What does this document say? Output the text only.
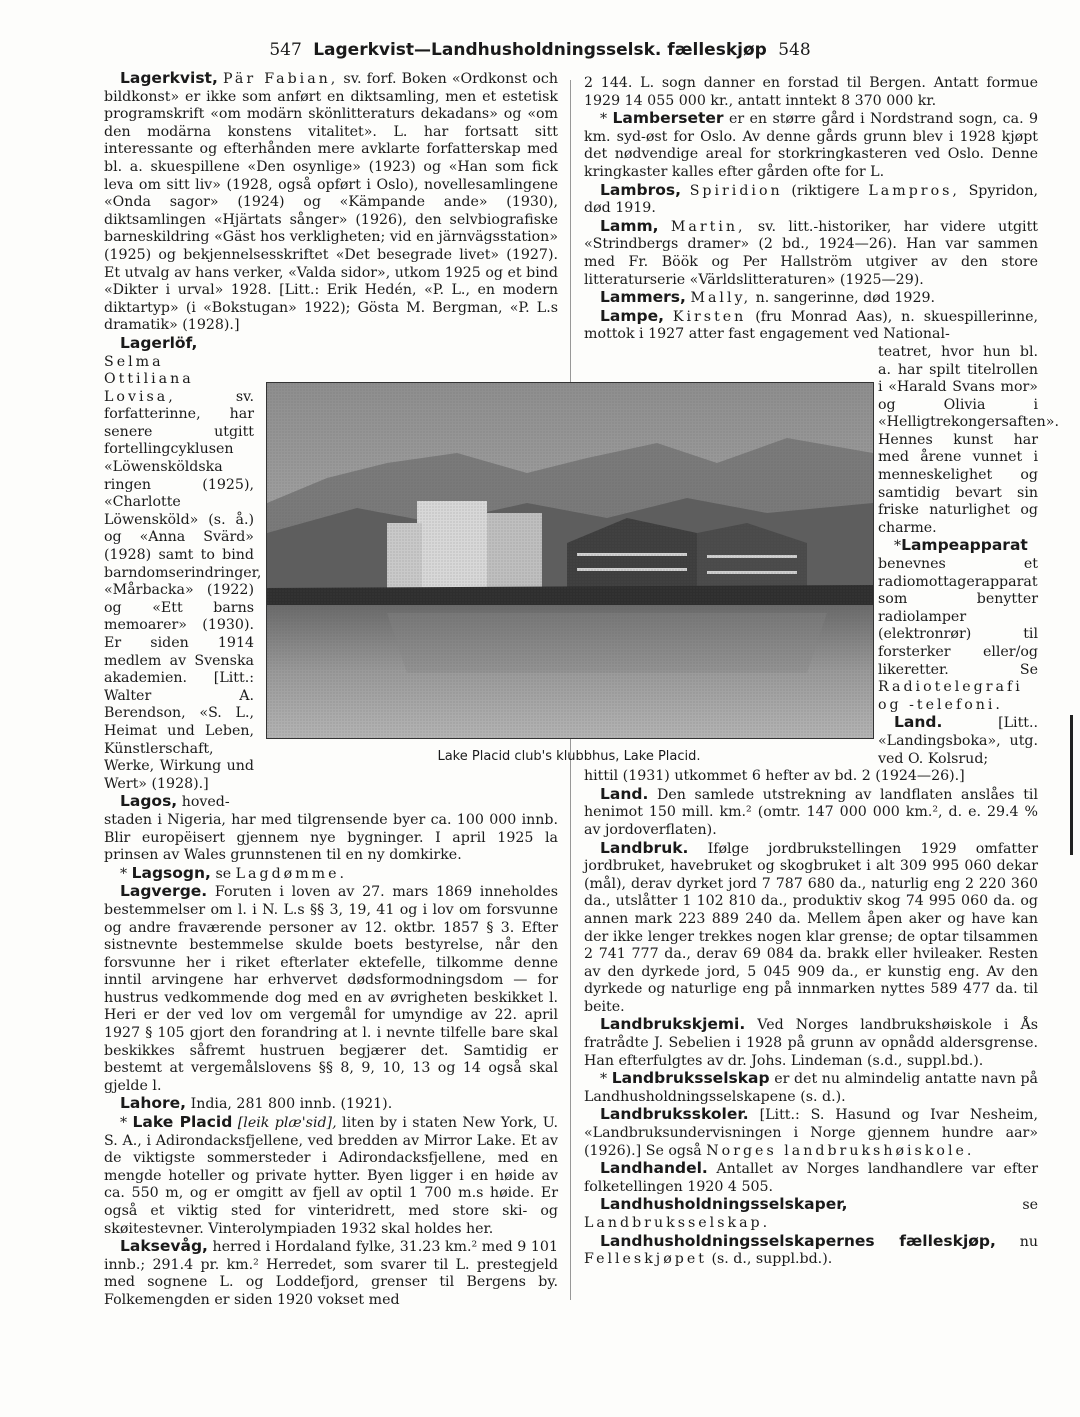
547 Lagerkvist—Landhusholdningsselsk. fælleskjøp 548

Lagerkvist, Pär Fabian, sv. forf. Boken «Ordkonst och bildkonst» er ikke som anført en diktsamling, men et estetisk programskrift «om modärn skönlitteraturs dekadans» og «om den modärna konstens vitalitet». L. har fortsatt sitt interessante og efterhånden mere avklarte forfatterskap med bl. a. skuespillene «Den osynlige» (1923) og «Han som fick leva om sitt liv» (1928, også opført i Oslo), novellesamlingene «Onda sagor» (1924) og «Kämpande ande» (1930), diktsamlingen «Hjärtats sånger» (1926), den selvbiografiske barneskildring «Gäst hos verkligheten; vid en järnvägsstation» (1925) og bekjennelsesskriftet «Det besegrade livet» (1927). Et utvalg av hans verker, «Valda sidor», utkom 1925 og et bind «Dikter i urval» 1928. [Litt.: Erik Hedén, «P. L., en modern diktartyp» (i «Bokstugan» 1922); Gösta M. Bergman, «P. L.s dramatik» (1928).]

Lagerlöf, Selma Ottiliana Lovisa, sv. forfatterinne, har senere utgitt fortellingcyklusen «Löwensköldska ringen (1925), «Charlotte Löwensköld» (s. å.) og «Anna Svärd» (1928) samt to bind barndomserindringer, «Mårbacka» (1922) og «Ett barns memoarer» (1930). Er siden 1914 medlem av Svenska akademien. [Litt.: Walter A. Berendson, «S. L., Heimat und Leben, Künstlerschaft, Werke, Wirkung und Wert» (1928).]

Lagos, hoved-

staden i Nigeria, har med tilgrensende byer ca. 100 000 innb. Blir europëisert gjennem nye bygninger. I april 1925 la prinsen av Wales grunnstenen til en ny domkirke.

* Lagsogn, se Lagdømme.

Lagverge. Foruten i loven av 27. mars 1869 inneholdes bestemmelser om l. i N. L.s §§ 3, 19, 41 og i lov om forsvunne og andre fraværende personer av 12. oktbr. 1857 § 3. Efter sistnevnte bestemmelse skulde boets bestyrelse, når den forsvunne her i riket efterlater ektefelle, tilkomme denne inntil arvingene har erhvervet dødsformodningsdom — for hustrus vedkommende dog med en av øvrigheten beskikket l. Heri er der ved lov om vergemål for umyndige av 22. april 1927 § 105 gjort den forandring at l. i nevnte tilfelle bare skal beskikkes såfremt hustruen begjærer det. Samtidig er bestemt at vergemålslovens §§ 8, 9, 10, 13 og 14 også skal gjelde l.

Lahore, India, 281 800 innb. (1921).

* Lake Placid [leik plæ'sid], liten by i staten New York, U. S. A., i Adirondacksfjellene, ved bredden av Mirror Lake. Et av de viktigste sommersteder i Adirondacksfjellene, med en mengde hoteller og private hytter. Byen ligger i en høide av ca. 550 m, og er omgitt av fjell av optil 1 700 m.s høide. Er også et viktig sted for vinteridrett, med store ski- og skøitestevner. Vinterolympiaden 1932 skal holdes her.

Laksevåg, herred i Hordaland fylke, 31.23 km.² med 9 101 innb.; 291.4 pr. km.² Herredet, som svarer til L. prestegjeld med sognene L. og Loddefjord, grenser til Bergens by. Folkemengden er siden 1920 vokset med

2 144. L. sogn danner en forstad til Bergen. Antatt formue 1929 14 055 000 kr., antatt inntekt 8 370 000 kr.

* Lamberseter er en større gård i Nordstrand sogn, ca. 9 km. syd-øst for Oslo. Av denne gårds grunn blev i 1928 kjøpt det nødvendige areal for storkringkasteren ved Oslo. Denne kringkaster kalles efter gården ofte for L.

Lambros, Spiridion (riktigere Lampros, Spyridon, død 1919.

Lamm, Martin, sv. litt.-historiker, har videre utgitt «Strindbergs dramer» (2 bd., 1924—26). Han var sammen med Fr. Böök og Per Hallström utgiver av den store litteraturserie «Världslitteraturen» (1925—29).

Lammers, Mally, n. sangerinne, død 1929.

Lampe, Kirsten (fru Monrad Aas), n. skuespillerinne, mottok i 1927 atter fast engagement ved National-

teatret, hvor hun bl. a. har spilt titelrollen i «Harald Svans mor» og Olivia i «Helligtrekongersaften». Hennes kunst har med årene vunnet i menneskelighet og samtidig bevart sin friske naturlighet og charme.

*Lampeapparat benevnes et radiomottagerapparat som benytter radiolamper (elektronrør) til forsterker eller/og likeretter. Se Radiotelegrafi og -telefoni.

Land. [Litt.. «Landingsboka», utg. ved O. Kolsrud;

hittil (1931) utkommet 6 hefter av bd. 2 (1924—26).]

Land. Den samlede utstrekning av landflaten anslåes til henimot 150 mill. km.² (omtr. 147 000 000 km.², d. e. 29.4 % av jordoverflaten).

Landbruk. Ifølge jordbrukstellingen 1929 omfatter jordbruket, havebruket og skogbruket i alt 309 995 060 dekar (mål), derav dyrket jord 7 787 680 da., naturlig eng 2 220 360 da., utslåtter 1 102 810 da., produktiv skog 74 995 060 da. og annen mark 223 889 240 da. Mellem åpen aker og have kan der ikke lenger trekkes nogen klar grense; de optar tilsammen 2 741 777 da., derav 69 084 da. brakk eller hvileaker. Resten av den dyrkede jord, 5 045 909 da., er kunstig eng. Av den dyrkede og naturlige eng på innmarken nyttes 589 477 da. til beite.

Landbrukskjemi. Ved Norges landbrukshøiskole i Ås fratrådte J. Sebelien i 1928 på grunn av opnådd aldersgrense. Han efterfulgtes av dr. Johs. Lindeman (s.d., suppl.bd.).

* Landbruksselskap er det nu almindelig antatte navn på Landhusholdningsselskapene (s. d.).

Landbruksskoler. [Litt.: S. Hasund og Ivar Nesheim, «Landbruksundervisningen i Norge gjennem hundre aar» (1926).] Se også Norges landbrukshøiskole.

Landhandel. Antallet av Norges landhandlere var efter folketellingen 1920 4 505.

Landhusholdningsselskaper, se Landbruksselskap.

Landhusholdningsselskapernes fælleskjøp, nu Felleskjøpet (s. d., suppl.bd.).

Lake Placid club's klubbhus, Lake Placid.
